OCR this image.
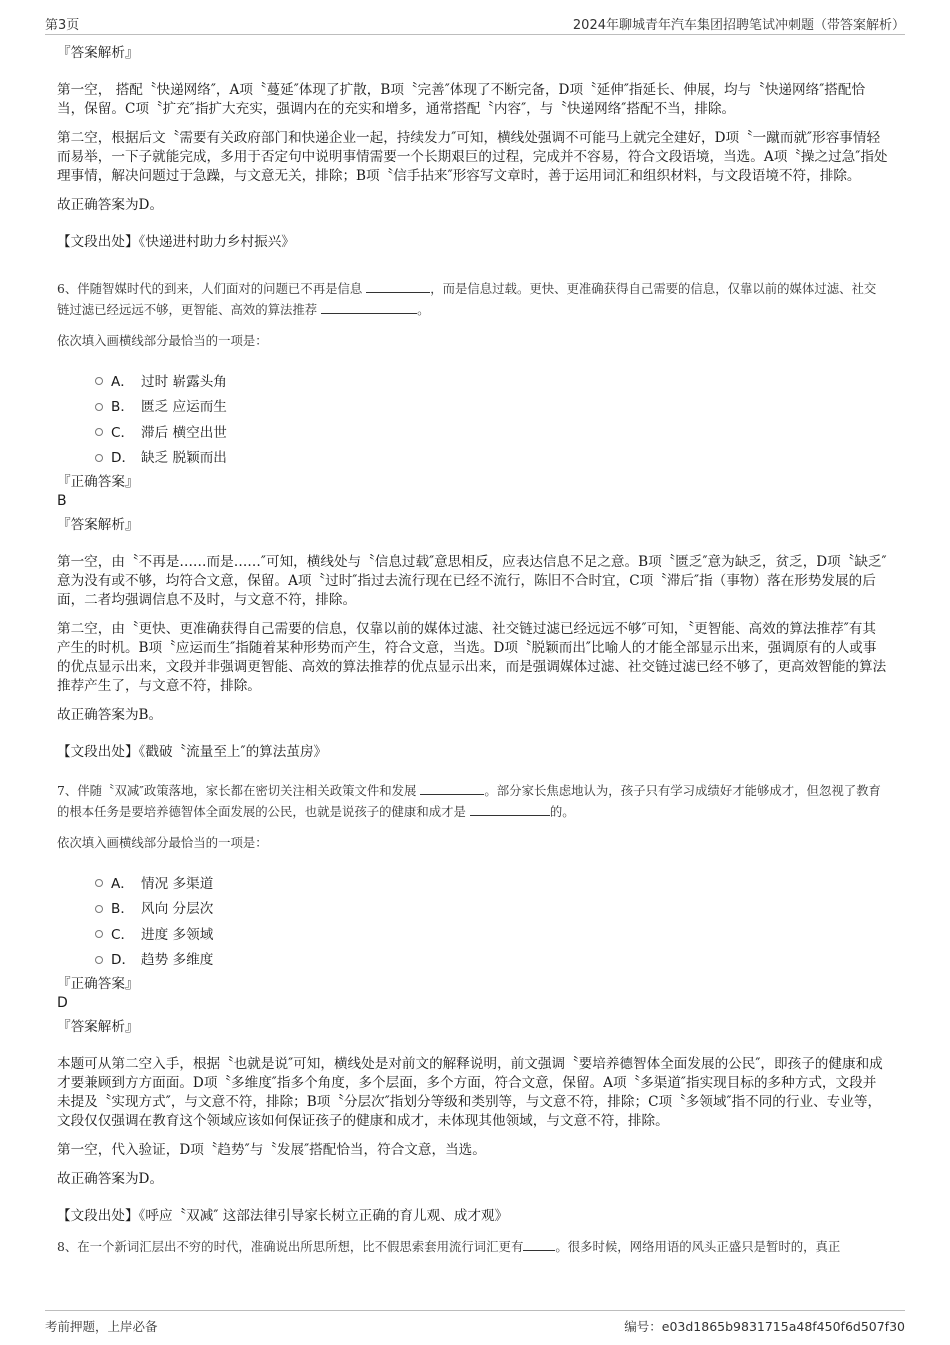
第3页	2024年聊城青年汽车集团招聘笔试冲刺题（带答案解析）

『答案解析』

第一空， 搭配〝快递网络″，A项〝蔓延″体现了扩散，B项〝完善″体现了不断完备，D项〝延伸″指延长、伸展，均与〝快递网络″搭配恰当，保留。C项〝扩充″指扩大充实，强调内在的充实和增多，通常搭配〝内容″，与〝快递网络″搭配不当，排除。

第二空，根据后文〝需要有关政府部门和快递企业一起，持续发力″可知，横线处强调不可能马上就完全建好，D项〝一蹴而就″形容事情轻而易举，一下子就能完成，多用于否定句中说明事情需要一个长期艰巨的过程，完成并不容易，符合文段语境，当选。A项〝操之过急″指处理事情，解决问题过于急躁，与文意无关，排除；B项〝信手拈来″形容写文章时，善于运用词汇和组织材料，与文段语境不符，排除。

故正确答案为D。

【文段出处】《快递进村助力乡村振兴》

6、伴随智媒时代的到来，人们面对的问题已不再是信息	，而是信息过载。更快、更准确获得自己需要的信息，仅靠以前的媒体过滤、社交链过滤已经远远不够，更智能、高效的算法推荐	。

依次填入画横线部分最恰当的一项是：

A． 过时 崭露头角
B． 匮乏 应运而生
C． 滞后 横空出世
D． 缺乏 脱颖而出

『正确答案』

B

『答案解析』

第一空，由〝不再是……而是……″可知，横线处与〝信息过载″意思相反，应表达信息不足之意。B项〝匮乏″意为缺乏，贫乏，D项〝缺乏″意为没有或不够，均符合文意，保留。A项〝过时″指过去流行现在已经不流行，陈旧不合时宜，C项〝滞后″指（事物）落在形势发展的后面，二者均强调信息不及时，与文意不符，排除。

第二空，由〝更快、更准确获得自己需要的信息，仅靠以前的媒体过滤、社交链过滤已经远远不够″可知，〝更智能、高效的算法推荐″有其产生的时机。B项〝应运而生″指随着某种形势而产生，符合文意，当选。D项〝脱颖而出″比喻人的才能全部显示出来，强调原有的人或事的优点显示出来，文段并非强调更智能、高效的算法推荐的优点显示出来，而是强调媒体过滤、社交链过滤已经不够了，更高效智能的算法推荐产生了，与文意不符，排除。

故正确答案为B。

【文段出处】《戳破〝流量至上″的算法茧房》

7、伴随〝双减″政策落地，家长都在密切关注相关政策文件和发展	。部分家长焦虑地认为，孩子只有学习成绩好才能够成才，但忽视了教育的根本任务是要培养德智体全面发展的公民，也就是说孩子的健康和成才是	的。

依次填入画横线部分最恰当的一项是：

A． 情况 多渠道
B． 风向 分层次
C． 进度 多领域
D． 趋势 多维度

『正确答案』

D

『答案解析』

本题可从第二空入手，根据〝也就是说″可知，横线处是对前文的解释说明，前文强调〝要培养德智体全面发展的公民″，即孩子的健康和成才要兼顾到方方面面。D项〝多维度″指多个角度，多个层面，多个方面，符合文意，保留。A项〝多渠道″指实现目标的多种方式，文段并未提及〝实现方式″，与文意不符，排除；B项〝分层次″指划分等级和类别等，与文意不符，排除；C项〝多领域″指不同的行业、专业等，文段仅仅强调在教育这个领域应该如何保证孩子的健康和成才，未体现其他领域，与文意不符，排除。

第一空，代入验证，D项〝趋势″与〝发展″搭配恰当，符合文意，当选。

故正确答案为D。

【文段出处】《呼应〝双减″ 这部法律引导家长树立正确的育儿观、成才观》

8、在一个新词汇层出不穷的时代，准确说出所思所想，比不假思索套用流行词汇更有	。很多时候，网络用语的风头正盛只是暂时的，真正

考前押题，上岸必备	编号：e03d1865b9831715a48f450f6d507f30
